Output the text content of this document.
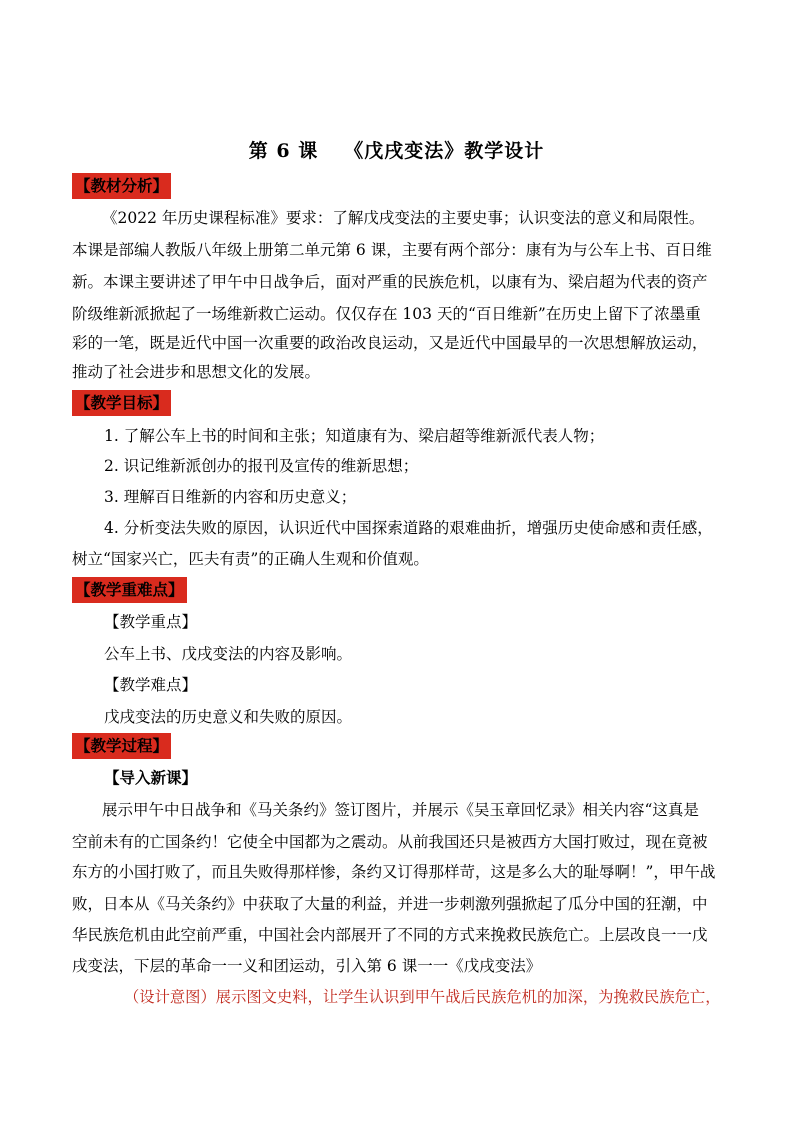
第 6 课 《戊戌变法》教学设计
【教材分析】
《2022 年历史课程标准》要求：了解戊戌变法的主要史事；认识变法的意义和局限性。
本课是部编人教版八年级上册第二单元第 6 课，主要有两个部分：康有为与公车上书、百日维
新。本课主要讲述了甲午中日战争后，面对严重的民族危机，以康有为、梁启超为代表的资产
阶级维新派掀起了一场维新救亡运动。仅仅存在 103 天的“百日维新”在历史上留下了浓墨重
彩的一笔，既是近代中国一次重要的政治改良运动，又是近代中国最早的一次思想解放运动，
推动了社会进步和思想文化的发展。
【教学目标】
1. 了解公车上书的时间和主张；知道康有为、梁启超等维新派代表人物；
2. 识记维新派创办的报刊及宣传的维新思想；
3. 理解百日维新的内容和历史意义；
4. 分析变法失败的原因，认识近代中国探索道路的艰难曲折，增强历史使命感和责任感，
树立“国家兴亡，匹夫有责”的正确人生观和价值观。
【教学重难点】
【教学重点】
公车上书、戊戌变法的内容及影响。
【教学难点】
戊戌变法的历史意义和失败的原因。
【教学过程】
【导入新课】
展示甲午中日战争和《马关条约》签订图片，并展示《吴玉章回忆录》相关内容“这真是
空前未有的亡国条约！它使全中国都为之震动。从前我国还只是被西方大国打败过，现在竟被
东方的小国打败了，而且失败得那样惨，条约又订得那样苛，这是多么大的耻辱啊！”，甲午战
败，日本从《马关条约》中获取了大量的利益，并进一步刺激列强掀起了瓜分中国的狂潮，中
华民族危机由此空前严重，中国社会内部展开了不同的方式来挽救民族危亡。上层改良一一戊
戌变法，下层的革命一一义和团运动，引入第 6 课一一《戊戌变法》
（设计意图）展示图文史料，让学生认识到甲午战后民族危机的加深，为挽救民族危亡，
